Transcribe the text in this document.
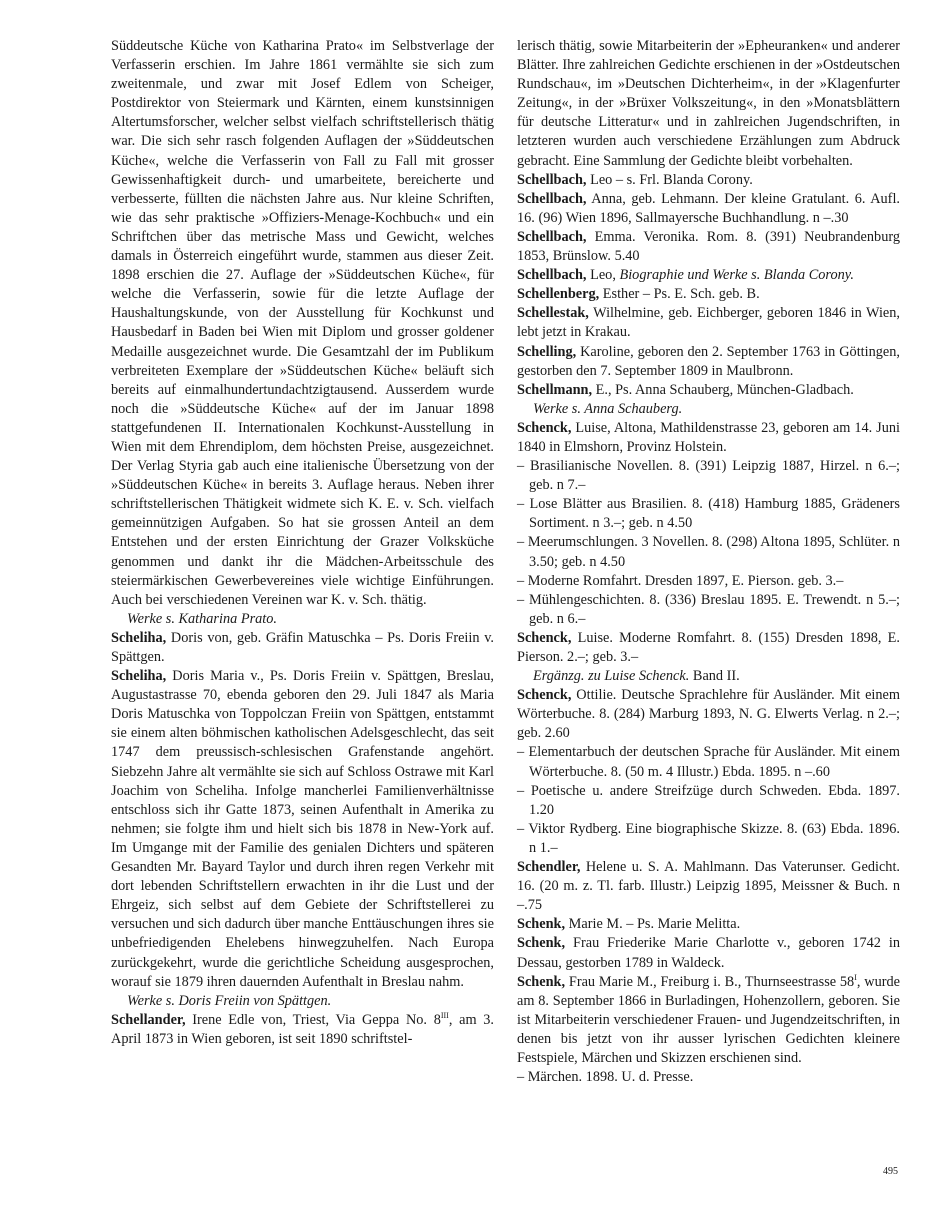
Süddeutsche Küche von Katharina Prato« im Selbstverlage der Verfasserin erschien. Im Jahre 1861 vermählte sie sich zum zweitenmale, und zwar mit Josef Edlem von Scheiger, Postdirektor von Steiermark und Kärnten, einem kunstsinnigen Altertumsforscher, welcher selbst vielfach schriftstellerisch thätig war. Die sich sehr rasch folgenden Auflagen der »Süddeutschen Küche«, welche die Verfasserin von Fall zu Fall mit grosser Gewissenhaftigkeit durch- und umarbeitete, bereicherte und verbesserte, füllten die nächsten Jahre aus. Nur kleine Schriften, wie das sehr praktische »Offiziers-Menage-Kochbuch« und ein Schriftchen über das metrische Mass und Gewicht, welches damals in Österreich eingeführt wurde, stammen aus dieser Zeit. 1898 erschien die 27. Auflage der »Süddeutschen Küche«, für welche die Verfasserin, sowie für die letzte Auflage der Haushaltungskunde, von der Ausstellung für Kochkunst und Hausbedarf in Baden bei Wien mit Diplom und grosser goldener Medaille ausgezeichnet wurde. Die Gesamtzahl der im Publikum verbreiteten Exemplare der »Süddeutschen Küche« beläuft sich bereits auf einmalhundertundachtzigtausend. Ausserdem wurde noch die »Süddeutsche Küche« auf der im Januar 1898 stattgefundenen II. Internationalen Kochkunst-Ausstellung in Wien mit dem Ehrendiplom, dem höchsten Preise, ausgezeichnet. Der Verlag Styria gab auch eine italienische Übersetzung von der »Süddeutschen Küche« in bereits 3. Auflage heraus. Neben ihrer schriftstellerischen Thätigkeit widmete sich K. E. v. Sch. vielfach gemeinnützigen Aufgaben. So hat sie grossen Anteil an dem Entstehen und der ersten Einrichtung der Grazer Volksküche genommen und dankt ihr die Mädchen-Arbeitsschule des steiermärkischen Gewerbevereines viele wichtige Einführungen. Auch bei verschiedenen Vereinen war K. v. Sch. thätig.

Werke s. Katharina Prato.

Scheliha, Doris von, geb. Gräfin Matuschka – Ps. Doris Freiin v. Spättgen.

Scheliha, Doris Maria v., Ps. Doris Freiin v. Spättgen, Breslau, Augustastrasse 70, ebenda geboren den 29. Juli 1847 als Maria Doris Matuschka von Toppolczan Freiin von Spättgen, entstammt sie einem alten böhmischen katholischen Adelsgeschlecht, das seit 1747 dem preussisch-schlesischen Grafenstande angehört. Siebzehn Jahre alt vermählte sie sich auf Schloss Ostrawe mit Karl Joachim von Scheliha. Infolge mancherlei Familienverhältnisse entschloss sich ihr Gatte 1873, seinen Aufenthalt in Amerika zu nehmen; sie folgte ihm und hielt sich bis 1878 in New-York auf. Im Umgange mit der Familie des genialen Dichters und späteren Gesandten Mr. Bayard Taylor und durch ihren regen Verkehr mit dort lebenden Schriftstellern erwachten in ihr die Lust und der Ehrgeiz, sich selbst auf dem Gebiete der Schriftstellerei zu versuchen und sich dadurch über manche Enttäuschungen ihres sie unbefriedigenden Ehelebens hinwegzuhelfen. Nach Europa zurückgekehrt, wurde die gerichtliche Scheidung ausgesprochen, worauf sie 1879 ihren dauernden Aufenthalt in Breslau nahm.

Werke s. Doris Freiin von Spättgen.

Schellander, Irene Edle von, Triest, Via Geppa No. $8^{III}$, am 3. April 1873 in Wien geboren, ist seit 1890 schriftstel-

lerisch thätig, sowie Mitarbeiterin der »Epheuranken« und anderer Blätter. Ihre zahlreichen Gedichte erschienen in der »Ostdeutschen Rundschau«, im »Deutschen Dichterheim«, in der »Klagenfurter Zeitung«, in der »Brüxer Volkszeitung«, in den »Monatsblättern für deutsche Litteratur« und in zahlreichen Jugendschriften, in letzteren wurden auch verschiedene Erzählungen zum Abdruck gebracht. Eine Sammlung der Gedichte bleibt vorbehalten.

Schellbach, Leo – s. Frl. Blanda Corony.

Schellbach, Anna, geb. Lehmann. Der kleine Gratulant. 6. Aufl. 16. (96) Wien 1896, Sallmayersche Buchhandlung. n –.30

Schellbach, Emma. Veronika. Rom. 8. (391) Neubrandenburg 1853, Brünslow. 5.40

Schellbach, Leo, Biographie und Werke s. Blanda Corony.

Schellenberg, Esther – Ps. E. Sch. geb. B.

Schellestak, Wilhelmine, geb. Eichberger, geboren 1846 in Wien, lebt jetzt in Krakau.

Schelling, Karoline, geboren den 2. September 1763 in Göttingen, gestorben den 7. September 1809 in Maulbronn.

Schellmann, E., Ps. Anna Schauberg, München-Gladbach.

Werke s. Anna Schauberg.

Schenck, Luise, Altona, Mathildenstrasse 23, geboren am 14. Juni 1840 in Elmshorn, Provinz Holstein.

– Brasilianische Novellen. 8. (391) Leipzig 1887, Hirzel. n 6.–; geb. n 7.–

– Lose Blätter aus Brasilien. 8. (418) Hamburg 1885, Grädeners Sortiment. n 3.–; geb. n 4.50

– Meerumschlungen. 3 Novellen. 8. (298) Altona 1895, Schlüter. n 3.50; geb. n 4.50

– Moderne Romfahrt. Dresden 1897, E. Pierson. geb. 3.–

– Mühlengeschichten. 8. (336) Breslau 1895. E. Trewendt. n 5.–; geb. n 6.–

Schenck, Luise. Moderne Romfahrt. 8. (155) Dresden 1898, E. Pierson. 2.–; geb. 3.–

Ergänzg. zu Luise Schenck. Band II.

Schenck, Ottilie. Deutsche Sprachlehre für Ausländer. Mit einem Wörterbuche. 8. (284) Marburg 1893, N. G. Elwerts Verlag. n 2.–; geb. 2.60

– Elementarbuch der deutschen Sprache für Ausländer. Mit einem Wörterbuche. 8. (50 m. 4 Illustr.) Ebda. 1895. n –.60

– Poetische u. andere Streifzüge durch Schweden. Ebda. 1897. 1.20

– Viktor Rydberg. Eine biographische Skizze. 8. (63) Ebda. 1896. n 1.–

Schendler, Helene u. S. A. Mahlmann. Das Vaterunser. Gedicht. 16. (20 m. z. Tl. farb. Illustr.) Leipzig 1895, Meissner & Buch. n –.75

Schenk, Marie M. – Ps. Marie Melitta.

Schenk, Frau Friederike Marie Charlotte v., geboren 1742 in Dessau, gestorben 1789 in Waldeck.

Schenk, Frau Marie M., Freiburg i. B., Thurnseestrasse $58^I$, wurde am 8. September 1866 in Burladingen, Hohenzollern, geboren. Sie ist Mitarbeiterin verschiedener Frauen- und Jugendzeitschriften, in denen bis jetzt von ihr ausser lyrischen Gedichten kleinere Festspiele, Märchen und Skizzen erschienen sind.

– Märchen. 1898. U. d. Presse.

495
